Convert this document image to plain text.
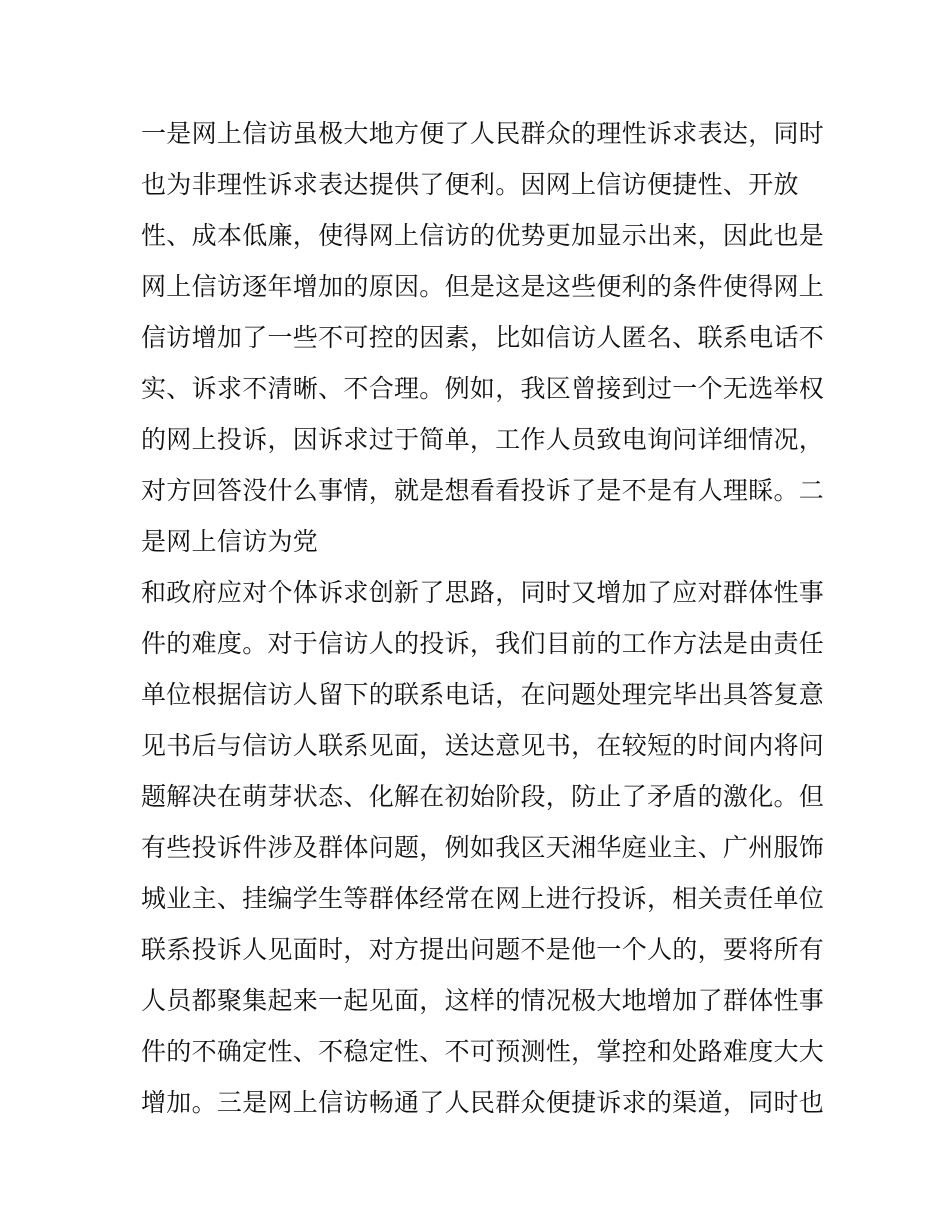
一是网上信访虽极大地方便了人民群众的理性诉求表达，同时
也为非理性诉求表达提供了便利。因网上信访便捷性、开放
性、成本低廉，使得网上信访的优势更加显示出来，因此也是
网上信访逐年增加的原因。但是这是这些便利的条件使得网上
信访增加了一些不可控的因素，比如信访人匿名、联系电话不
实、诉求不清晰、不合理。例如，我区曾接到过一个无选举权
的网上投诉，因诉求过于简单，工作人员致电询问详细情况，
对方回答没什么事情，就是想看看投诉了是不是有人理睬。二
是网上信访为党
和政府应对个体诉求创新了思路，同时又增加了应对群体性事
件的难度。对于信访人的投诉，我们目前的工作方法是由责任
单位根据信访人留下的联系电话，在问题处理完毕出具答复意
见书后与信访人联系见面，送达意见书，在较短的时间内将问
题解决在萌芽状态、化解在初始阶段，防止了矛盾的激化。但
有些投诉件涉及群体问题，例如我区天湘华庭业主、广州服饰
城业主、挂编学生等群体经常在网上进行投诉，相关责任单位
联系投诉人见面时，对方提出问题不是他一个人的，要将所有
人员都聚集起来一起见面，这样的情况极大地增加了群体性事
件的不确定性、不稳定性、不可预测性，掌控和处路难度大大
增加。三是网上信访畅通了人民群众便捷诉求的渠道，同时也
